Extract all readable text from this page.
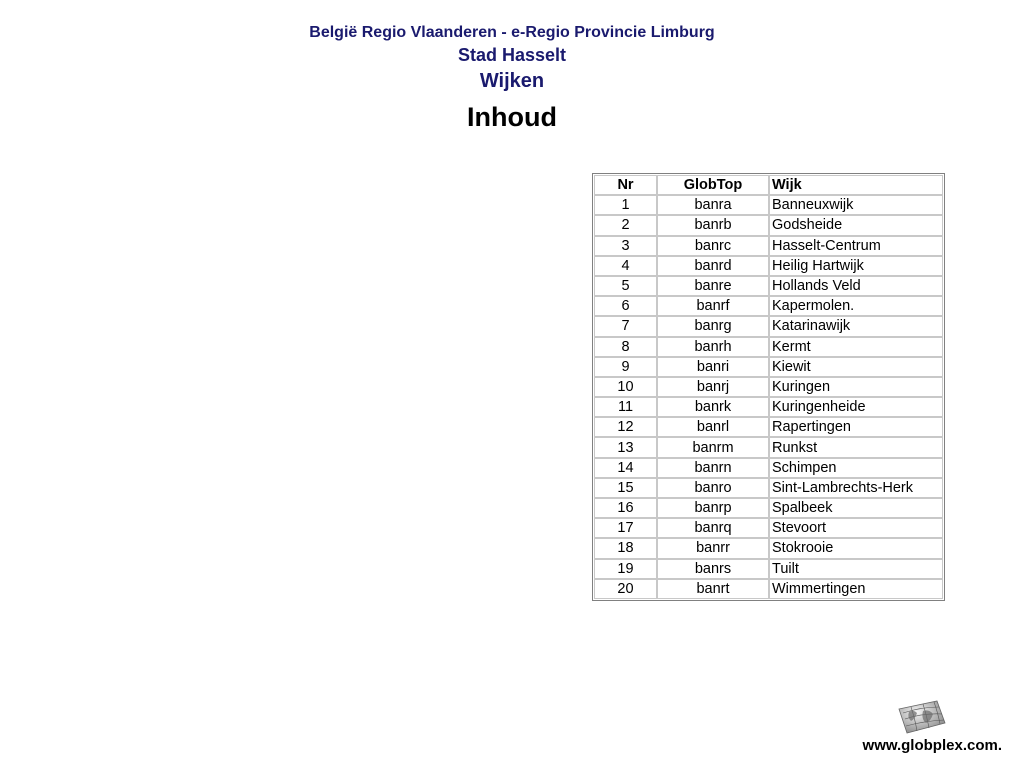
België Regio Vlaanderen - e-Regio Provincie Limburg
Stad Hasselt
Wijken
Inhoud
Nr	GlobTop	Wijk
1	banra	Banneuxwijk
2	banrb	Godsheide
3	banrc	Hasselt-Centrum
4	banrd	Heilig Hartwijk
5	banre	Hollands Veld
6	banrf	Kapermolen.
7	banrg	Katarinawijk
8	banrh	Kermt
9	banri	Kiewit
10	banrj	Kuringen
11	banrk	Kuringenheide
12	banrl	Rapertingen
13	banrm	Runkst
14	banrn	Schimpen
15	banro	Sint-Lambrechts-Herk
16	banrp	Spalbeek
17	banrq	Stevoort
18	banrr	Stokrooie
19	banrs	Tuilt
20	banrt	Wimmertingen
www.globplex.com.
